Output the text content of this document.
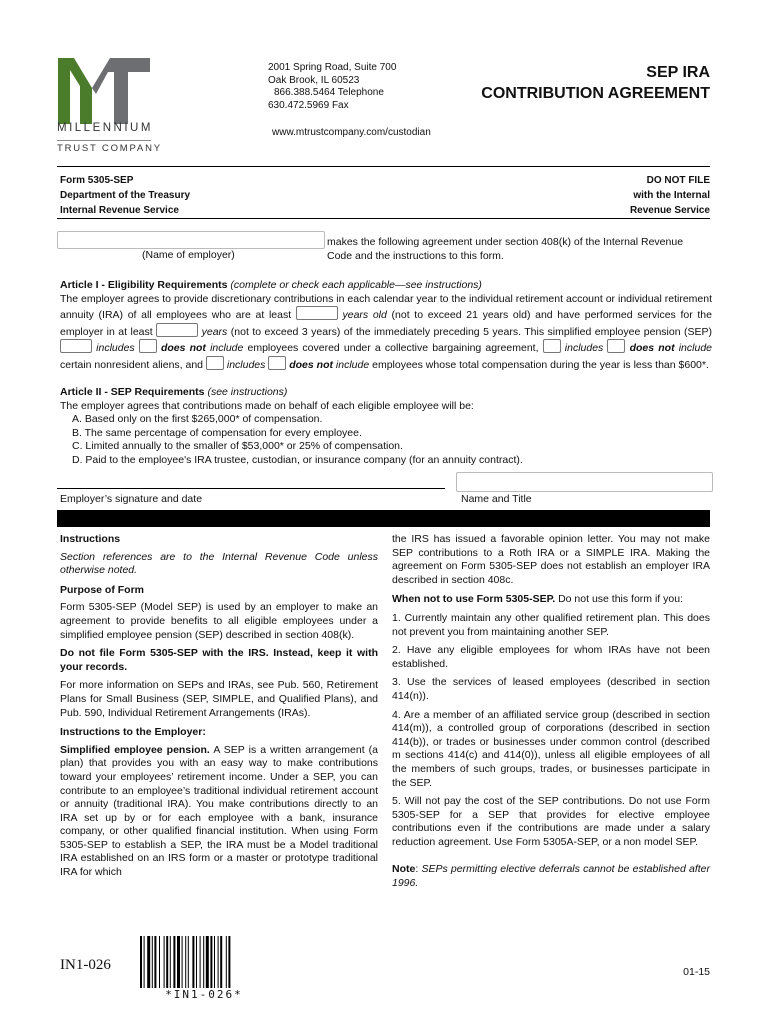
MILLENNIUM
TRUST COMPANY
2001 Spring Road, Suite 700
Oak Brook, IL 60523
866.388.5464 Telephone
630.472.5969 Fax
www.mtrustcompany.com/custodian
SEP IRA
CONTRIBUTION AGREEMENT
Form 5305-SEP
Department of the Treasury
Internal Revenue Service
DO NOT FILE
with the Internal
Revenue Service
(Name of employer)
makes the following agreement under section 408(k) of the Internal Revenue Code and the instructions to this form.
Article I - Eligibility Requirements (complete or check each applicable—see instructions)
The employer agrees to provide discretionary contributions in each calendar year to the individual retirement account or individual retirement annuity (IRA) of all employees who are at least	years old (not to exceed 21 years old) and have performed services for the employer in at least	years (not to exceed 3 years) of the immediately preceding 5 years. This simplified employee pension (SEP)  includes	does not include employees covered under a collective bargaining agreement,	includes	does not include certain nonresident aliens, and includes does not include employees whose total compensation during the year is less than $600*.
Article II - SEP Requirements (see instructions)
The employer agrees that contributions made on behalf of each eligible employee will be:
A. Based only on the first $265,000* of compensation.
B. The same percentage of compensation for every employee.
C. Limited annually to the smaller of $53,000* or 25% of compensation.
D. Paid to the employee's IRA trustee, custodian, or insurance company (for an annuity contract).
Employer’s signature and date	Name and Title
Instructions

Section references are to the Internal Revenue Code unless otherwise noted.

Purpose of Form

Form 5305-SEP (Model SEP) is used by an employer to make an agreement to provide benefits to all eligible employees under a simplified employee pension (SEP) described in section 408(k).

Do not file Form 5305-SEP with the IRS. Instead, keep it with your records.

For more information on SEPs and IRAs, see Pub. 560, Retirement Plans for Small Business (SEP, SIMPLE, and Qualified Plans), and Pub. 590, Individual Retirement Arrangements (IRAs).

Instructions to the Employer:

Simplified employee pension. A SEP is a written arrangement (a plan) that provides you with an easy way to make contributions toward your employees’ retirement income. Under a SEP, you can contribute to an employee’s traditional individual retirement account or annuity (traditional IRA). You make contributions directly to an IRA set up by or for each employee with a bank, insurance company, or other qualified financial institution. When using Form 5305-SEP to establish a SEP, the IRA must be a Model traditional IRA established on an IRS form or a master or prototype traditional IRA for which

the IRS has issued a favorable opinion letter. You may not make SEP contributions to a Roth IRA or a SIMPLE IRA. Making the agreement on Form 5305-SEP does not establish an employer IRA described in section 408c.

When not to use Form 5305-SEP. Do not use this form if you:

1. Currently maintain any other qualified retirement plan. This does not prevent you from maintaining another SEP.

2. Have any eligible employees for whom IRAs have not been established.

3. Use the services of leased employees (described in section 414(n)).

4. Are a member of an affiliated service group (described in section 414(m)), a controlled group of corporations (described in section 414(b)), or trades or businesses under common control (described m sections 414(c) and 414(0)), unless all eligible employees of all the members of such groups, trades, or businesses participate in the SEP.

5. Will not pay the cost of the SEP contributions. Do not use Form 5305-SEP for a SEP that provides for elective employee contributions even if the contributions are made under a salary reduction agreement. Use Form 5305A-SEP, or a non model SEP.

Note: SEPs permitting elective deferrals cannot be established after 1996.

IN1-026
*IN1-026*
01-15
